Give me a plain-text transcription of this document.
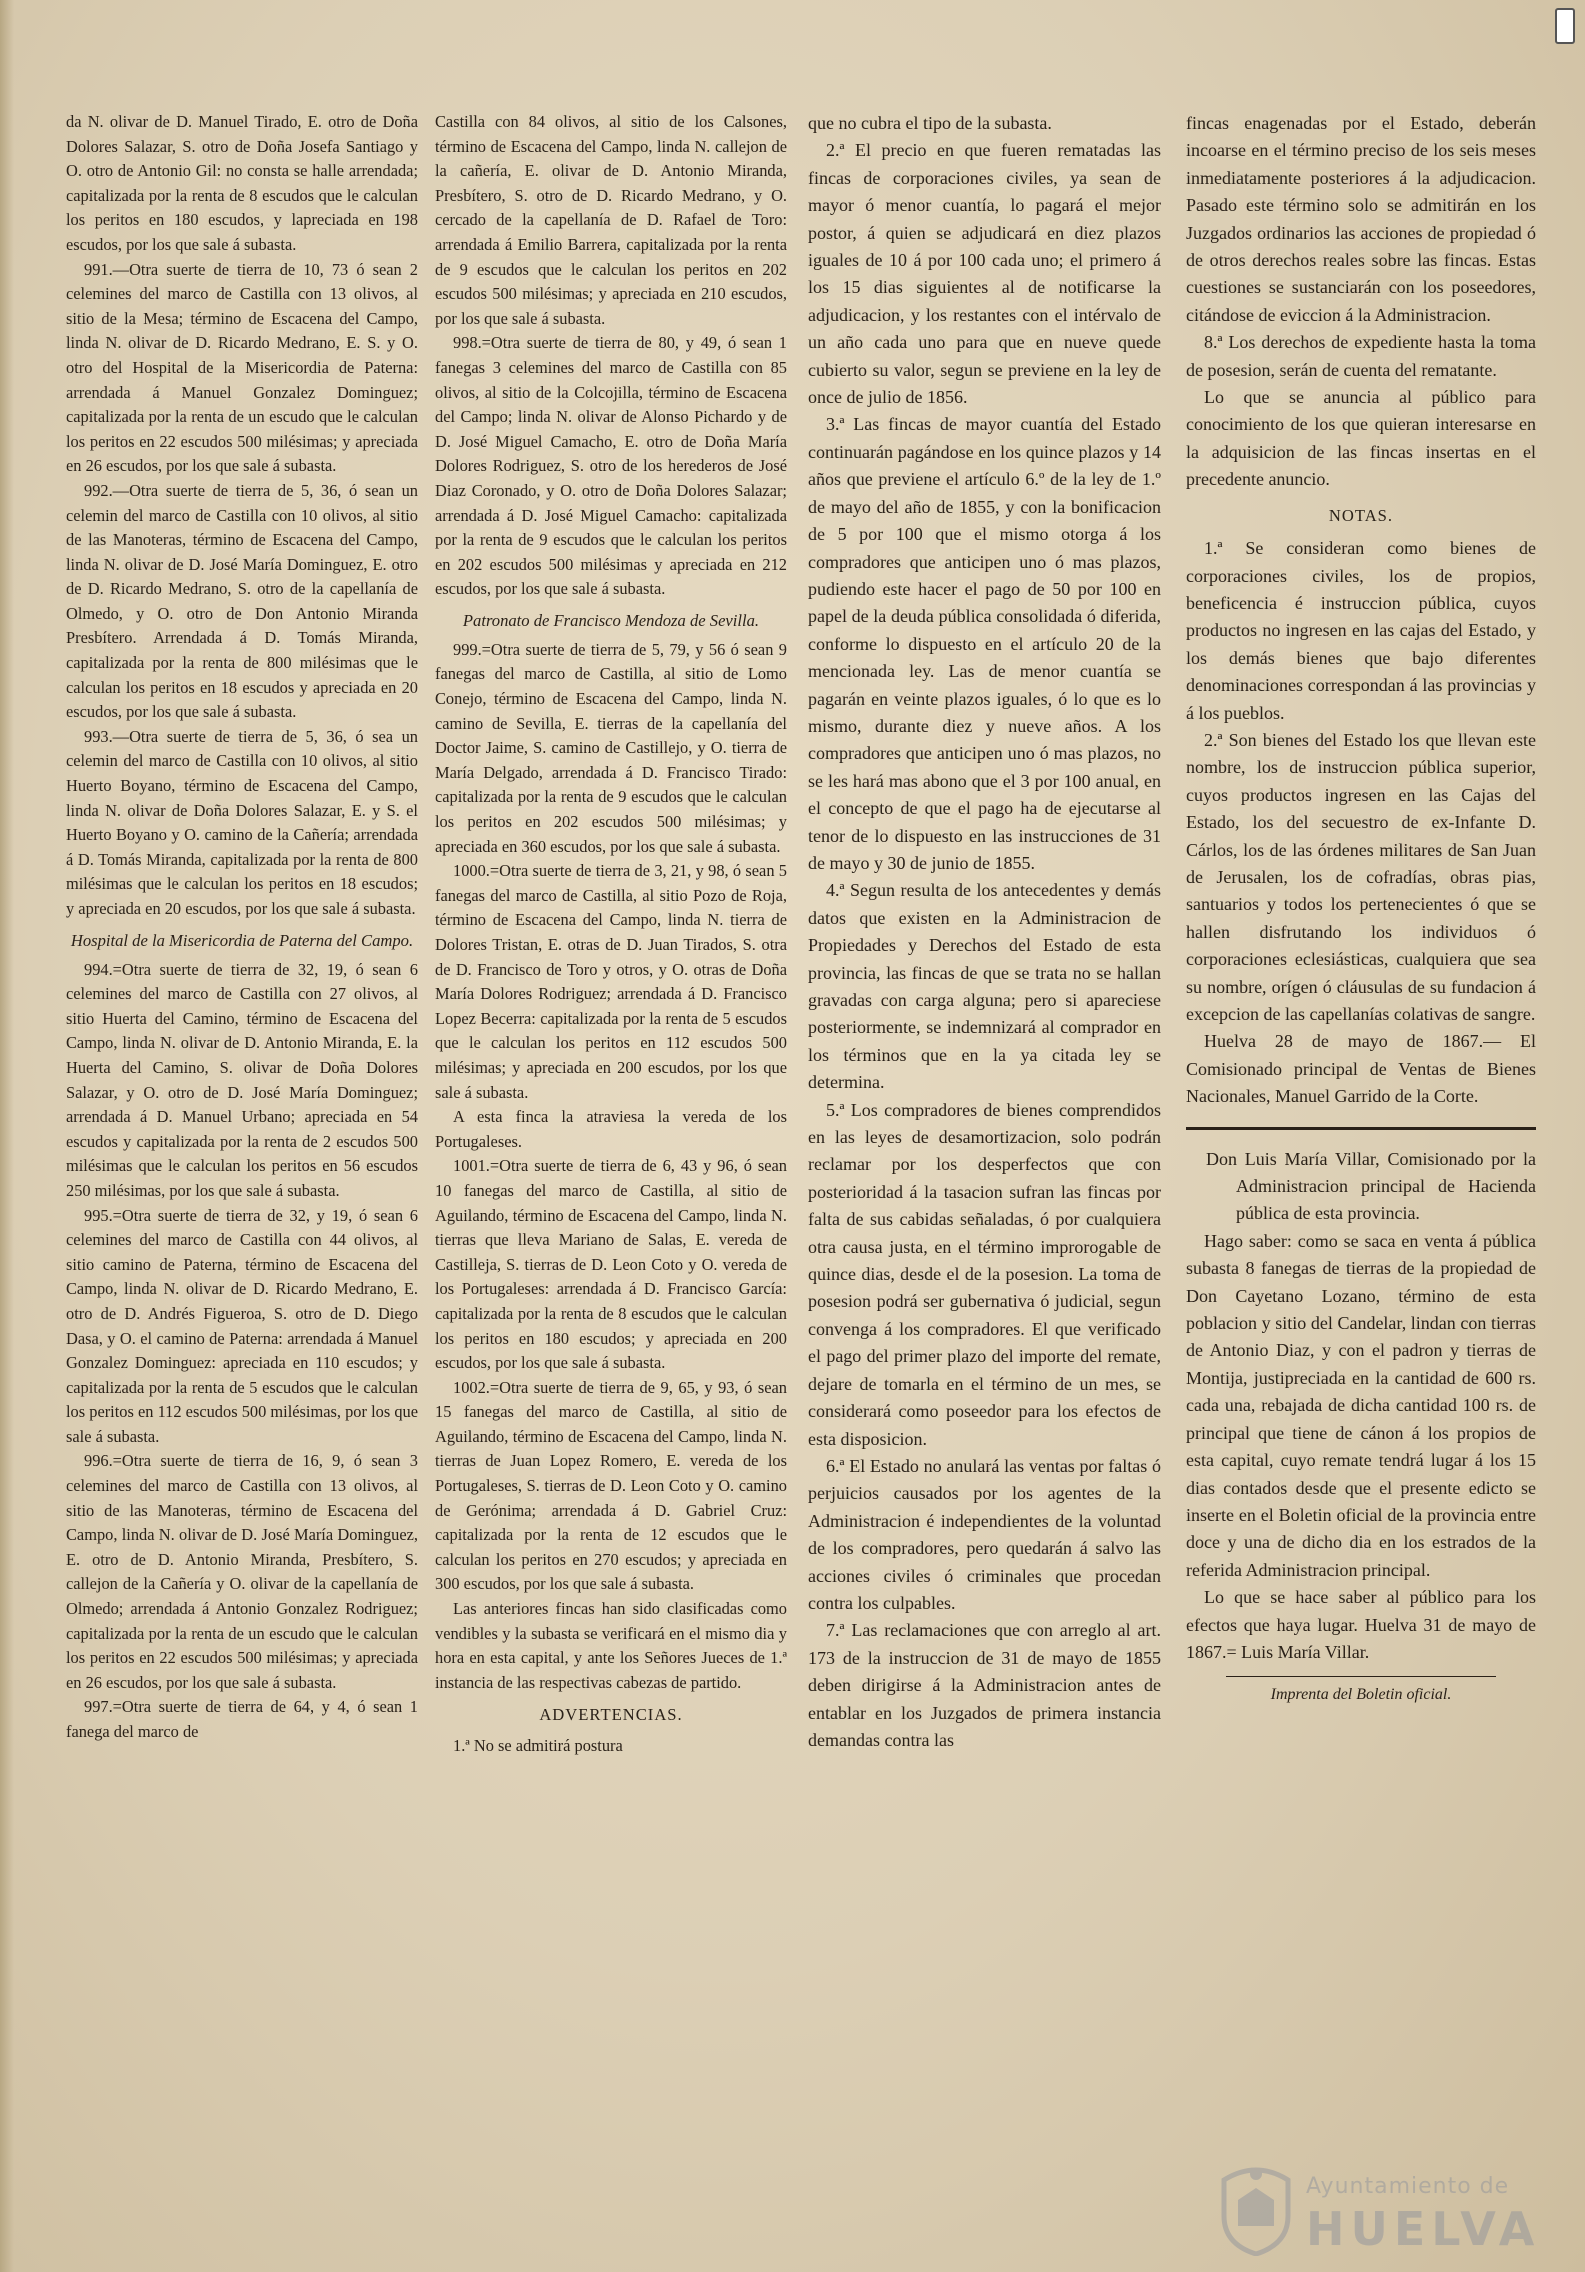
da N. olivar de D. Manuel Tirado, E. otro de Doña Dolores Salazar, S. otro de Doña Josefa Santiago y O. otro de Antonio Gil: no consta se halle arrendada; capitalizada por la renta de 8 escudos que le calculan los peritos en 180 escudos, y lapreciada en 198 escudos, por los que sale á subasta.

991.—Otra suerte de tierra de 10, 73 ó sean 2 celemines del marco de Castilla con 13 olivos, al sitio de la Mesa; término de Escacena del Campo, linda N. olivar de D. Ricardo Medrano, E. S. y O. otro del Hospital de la Misericordia de Paterna: arrendada á Manuel Gonzalez Dominguez; capitalizada por la renta de un escudo que le calculan los peritos en 22 escudos 500 milésimas; y apreciada en 26 escudos, por los que sale á subasta.

992.—Otra suerte de tierra de 5, 36, ó sean un celemin del marco de Castilla con 10 olivos, al sitio de las Manoteras, término de Escacena del Campo, linda N. olivar de D. José María Dominguez, E. otro de D. Ricardo Medrano, S. otro de la capellanía de Olmedo, y O. otro de Don Antonio Miranda Presbítero. Arrendada á D. Tomás Miranda, capitalizada por la renta de 800 milésimas que le calculan los peritos en 18 escudos y apreciada en 20 escudos, por los que sale á subasta.

993.—Otra suerte de tierra de 5, 36, ó sea un celemin del marco de Castilla con 10 olivos, al sitio Huerto Boyano, término de Escacena del Campo, linda N. olivar de Doña Dolores Salazar, E. y S. el Huerto Boyano y O. camino de la Cañería; arrendada á D. Tomás Miranda, capitalizada por la renta de 800 milésimas que le calculan los peritos en 18 escudos; y apreciada en 20 escudos, por los que sale á subasta.

Hospital de la Misericordia de Paterna del Campo.

994.=Otra suerte de tierra de 32, 19, ó sean 6 celemines del marco de Castilla con 27 olivos, al sitio Huerta del Camino, término de Escacena del Campo, linda N. olivar de D. Antonio Miranda, E. la Huerta del Camino, S. olivar de Doña Dolores Salazar, y O. otro de D. José María Dominguez; arrendada á D. Manuel Urbano; apreciada en 54 escudos y capitalizada por la renta de 2 escudos 500 milésimas que le calculan los peritos en 56 escudos 250 milésimas, por los que sale á subasta.

995.=Otra suerte de tierra de 32, y 19, ó sean 6 celemines del marco de Castilla con 44 olivos, al sitio camino de Paterna, término de Escacena del Campo, linda N. olivar de D. Ricardo Medrano, E. otro de D. Andrés Figueroa, S. otro de D. Diego Dasa, y O. el camino de Paterna: arrendada á Manuel Gonzalez Dominguez: apreciada en 110 escudos; y capitalizada por la renta de 5 escudos que le calculan los peritos en 112 escudos 500 milésimas, por los que sale á subasta.

996.=Otra suerte de tierra de 16, 9, ó sean 3 celemines del marco de Castilla con 13 olivos, al sitio de las Manoteras, término de Escacena del Campo, linda N. olivar de D. José María Dominguez, E. otro de D. Antonio Miranda, Presbítero, S. callejon de la Cañería y O. olivar de la capellanía de Olmedo; arrendada á Antonio Gonzalez Rodriguez; capitalizada por la renta de un escudo que le calculan los peritos en 22 escudos 500 milésimas; y apreciada en 26 escudos, por los que sale á subasta.

997.=Otra suerte de tierra de 64, y 4, ó sean 1 fanega del marco de

Castilla con 84 olivos, al sitio de los Calsones, término de Escacena del Campo, linda N. callejon de la cañería, E. olivar de D. Antonio Miranda, Presbítero, S. otro de D. Ricardo Medrano, y O. cercado de la capellanía de D. Rafael de Toro: arrendada á Emilio Barrera, capitalizada por la renta de 9 escudos que le calculan los peritos en 202 escudos 500 milésimas; y apreciada en 210 escudos, por los que sale á subasta.

998.=Otra suerte de tierra de 80, y 49, ó sean 1 fanegas 3 celemines del marco de Castilla con 85 olivos, al sitio de la Colcojilla, término de Escacena del Campo; linda N. olivar de Alonso Pichardo y de D. José Miguel Camacho, E. otro de Doña María Dolores Rodriguez, S. otro de los herederos de José Diaz Coronado, y O. otro de Doña Dolores Salazar; arrendada á D. José Miguel Camacho: capitalizada por la renta de 9 escudos que le calculan los peritos en 202 escudos 500 milésimas y apreciada en 212 escudos, por los que sale á subasta.

Patronato de Francisco Mendoza de Sevilla.

999.=Otra suerte de tierra de 5, 79, y 56 ó sean 9 fanegas del marco de Castilla, al sitio de Lomo Conejo, término de Escacena del Campo, linda N. camino de Sevilla, E. tierras de la capellanía del Doctor Jaime, S. camino de Castillejo, y O. tierra de María Delgado, arrendada á D. Francisco Tirado: capitalizada por la renta de 9 escudos que le calculan los peritos en 202 escudos 500 milésimas; y apreciada en 360 escudos, por los que sale á subasta.

1000.=Otra suerte de tierra de 3, 21, y 98, ó sean 5 fanegas del marco de Castilla, al sitio Pozo de Roja, término de Escacena del Campo, linda N. tierra de Dolores Tristan, E. otras de D. Juan Tirados, S. otra de D. Francisco de Toro y otros, y O. otras de Doña María Dolores Rodriguez; arrendada á D. Francisco Lopez Becerra: capitalizada por la renta de 5 escudos que le calculan los peritos en 112 escudos 500 milésimas; y apreciada en 200 escudos, por los que sale á subasta.

A esta finca la atraviesa la vereda de los Portugaleses.

1001.=Otra suerte de tierra de 6, 43 y 96, ó sean 10 fanegas del marco de Castilla, al sitio de Aguilando, término de Escacena del Campo, linda N. tierras que lleva Mariano de Salas, E. vereda de Castilleja, S. tierras de D. Leon Coto y O. vereda de los Portugaleses: arrendada á D. Francisco García: capitalizada por la renta de 8 escudos que le calculan los peritos en 180 escudos; y apreciada en 200 escudos, por los que sale á subasta.

1002.=Otra suerte de tierra de 9, 65, y 93, ó sean 15 fanegas del marco de Castilla, al sitio de Aguilando, término de Escacena del Campo, linda N. tierras de Juan Lopez Romero, E. vereda de los Portugaleses, S. tierras de D. Leon Coto y O. camino de Gerónima; arrendada á D. Gabriel Cruz: capitalizada por la renta de 12 escudos que le calculan los peritos en 270 escudos; y apreciada en 300 escudos, por los que sale á subasta.

Las anteriores fincas han sido clasificadas como vendibles y la subasta se verificará en el mismo dia y hora en esta capital, y ante los Señores Jueces de 1.ª instancia de las respectivas cabezas de partido.

ADVERTENCIAS.

1.ª No se admitirá postura

que no cubra el tipo de la subasta.

2.ª El precio en que fueren rematadas las fincas de corporaciones civiles, ya sean de mayor ó menor cuantía, lo pagará el mejor postor, á quien se adjudicará en diez plazos iguales de 10 á por 100 cada uno; el primero á los 15 dias siguientes al de notificarse la adjudicacion, y los restantes con el intérvalo de un año cada uno para que en nueve quede cubierto su valor, segun se previene en la ley de once de julio de 1856.

3.ª Las fincas de mayor cuantía del Estado continuarán pagándose en los quince plazos y 14 años que previene el artículo 6.º de la ley de 1.º de mayo del año de 1855, y con la bonificacion de 5 por 100 que el mismo otorga á los compradores que anticipen uno ó mas plazos, pudiendo este hacer el pago de 50 por 100 en papel de la deuda pública consolidada ó diferida, conforme lo dispuesto en el artículo 20 de la mencionada ley. Las de menor cuantía se pagarán en veinte plazos iguales, ó lo que es lo mismo, durante diez y nueve años. A los compradores que anticipen uno ó mas plazos, no se les hará mas abono que el 3 por 100 anual, en el concepto de que el pago ha de ejecutarse al tenor de lo dispuesto en las instrucciones de 31 de mayo y 30 de junio de 1855.

4.ª Segun resulta de los antecedentes y demás datos que existen en la Administracion de Propiedades y Derechos del Estado de esta provincia, las fincas de que se trata no se hallan gravadas con carga alguna; pero si apareciese posteriormente, se indemnizará al comprador en los términos que en la ya citada ley se determina.

5.ª Los compradores de bienes comprendidos en las leyes de desamortizacion, solo podrán reclamar por los desperfectos que con posterioridad á la tasacion sufran las fincas por falta de sus cabidas señaladas, ó por cualquiera otra causa justa, en el término improrogable de quince dias, desde el de la posesion. La toma de posesion podrá ser gubernativa ó judicial, segun convenga á los compradores. El que verificado el pago del primer plazo del importe del remate, dejare de tomarla en el término de un mes, se considerará como poseedor para los efectos de esta disposicion.

6.ª El Estado no anulará las ventas por faltas ó perjuicios causados por los agentes de la Administracion é independientes de la voluntad de los compradores, pero quedarán á salvo las acciones civiles ó criminales que procedan contra los culpables.

7.ª Las reclamaciones que con arreglo al art. 173 de la instruccion de 31 de mayo de 1855 deben dirigirse á la Administracion antes de entablar en los Juzgados de primera instancia demandas contra las

fincas enagenadas por el Estado, deberán incoarse en el término preciso de los seis meses inmediatamente posteriores á la adjudicacion. Pasado este término solo se admitirán en los Juzgados ordinarios las acciones de propiedad ó de otros derechos reales sobre las fincas. Estas cuestiones se sustanciarán con los poseedores, citándose de eviccion á la Administracion.

8.ª Los derechos de expediente hasta la toma de posesion, serán de cuenta del rematante.

Lo que se anuncia al público para conocimiento de los que quieran interesarse en la adquisicion de las fincas insertas en el precedente anuncio.

NOTAS.

1.ª Se consideran como bienes de corporaciones civiles, los de propios, beneficencia é instruccion pública, cuyos productos no ingresen en las cajas del Estado, y los demás bienes que bajo diferentes denominaciones correspondan á las provincias y á los pueblos.

2.ª Son bienes del Estado los que llevan este nombre, los de instruccion pública superior, cuyos productos ingresen en las Cajas del Estado, los del secuestro de ex-Infante D. Cárlos, los de las órdenes militares de San Juan de Jerusalen, los de cofradías, obras pias, santuarios y todos los pertenecientes ó que se hallen disfrutando los individuos ó corporaciones eclesiásticas, cualquiera que sea su nombre, orígen ó cláusulas de su fundacion á excepcion de las capellanías colativas de sangre.

Huelva 28 de mayo de 1867.— El Comisionado principal de Ventas de Bienes Nacionales, Manuel Garrido de la Corte.

Don Luis María Villar, Comisionado por la Administracion principal de Hacienda pública de esta provincia.

Hago saber: como se saca en venta á pública subasta 8 fanegas de tierras de la propiedad de Don Cayetano Lozano, término de esta poblacion y sitio del Candelar, lindan con tierras de Antonio Diaz, y con el padron y tierras de Montija, justipreciada en la cantidad de 600 rs. cada una, rebajada de dicha cantidad 100 rs. de principal que tiene de cánon á los propios de esta capital, cuyo remate tendrá lugar á los 15 dias contados desde que el presente edicto se inserte en el Boletin oficial de la provincia entre doce y una de dicho dia en los estrados de la referida Administracion principal.

Lo que se hace saber al público para los efectos que haya lugar. Huelva 31 de mayo de 1867.= Luis María Villar.

Imprenta del Boletin oficial.
Ayuntamiento de
HUELVA
